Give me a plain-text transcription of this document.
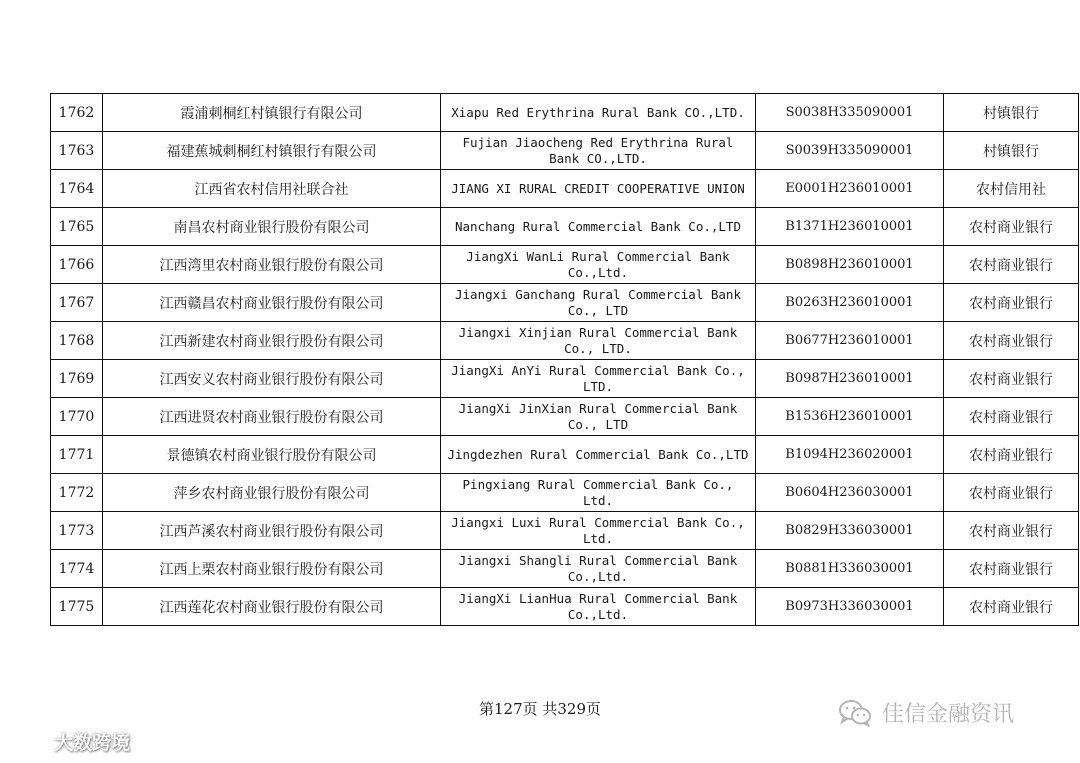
1762	霞浦刺桐红村镇银行有限公司	Xiapu Red Erythrina Rural Bank CO.,LTD.	S0038H335090001	村镇银行
1763	福建蕉城刺桐红村镇银行有限公司	Fujian Jiaocheng Red Erythrina Rural Bank CO.,LTD.	S0039H335090001	村镇银行
1764	江西省农村信用社联合社	JIANG XI RURAL CREDIT COOPERATIVE UNION	E0001H236010001	农村信用社
1765	南昌农村商业银行股份有限公司	Nanchang Rural Commercial Bank Co.,LTD	B1371H236010001	农村商业银行
1766	江西湾里农村商业银行股份有限公司	JiangXi WanLi Rural Commercial Bank Co.,Ltd.	B0898H236010001	农村商业银行
1767	江西赣昌农村商业银行股份有限公司	Jiangxi Ganchang Rural Commercial Bank Co., LTD	B0263H236010001	农村商业银行
1768	江西新建农村商业银行股份有限公司	Jiangxi Xinjian Rural Commercial Bank Co., LTD.	B0677H236010001	农村商业银行
1769	江西安义农村商业银行股份有限公司	JiangXi AnYi Rural Commercial Bank Co., LTD.	B0987H236010001	农村商业银行
1770	江西进贤农村商业银行股份有限公司	JiangXi JinXian Rural Commercial Bank Co., LTD	B1536H236010001	农村商业银行
1771	景德镇农村商业银行股份有限公司	Jingdezhen Rural Commercial Bank Co.,LTD	B1094H236020001	农村商业银行
1772	萍乡农村商业银行股份有限公司	Pingxiang Rural Commercial Bank Co., Ltd.	B0604H236030001	农村商业银行
1773	江西芦溪农村商业银行股份有限公司	Jiangxi Luxi Rural Commercial Bank Co., Ltd.	B0829H336030001	农村商业银行
1774	江西上栗农村商业银行股份有限公司	Jiangxi Shangli Rural Commercial Bank Co.,Ltd.	B0881H336030001	农村商业银行
1775	江西莲花农村商业银行股份有限公司	JiangXi LianHua Rural Commercial Bank Co.,Ltd.	B0973H336030001	农村商业银行
第127页 共329页	佳信金融资讯
大数跨境
